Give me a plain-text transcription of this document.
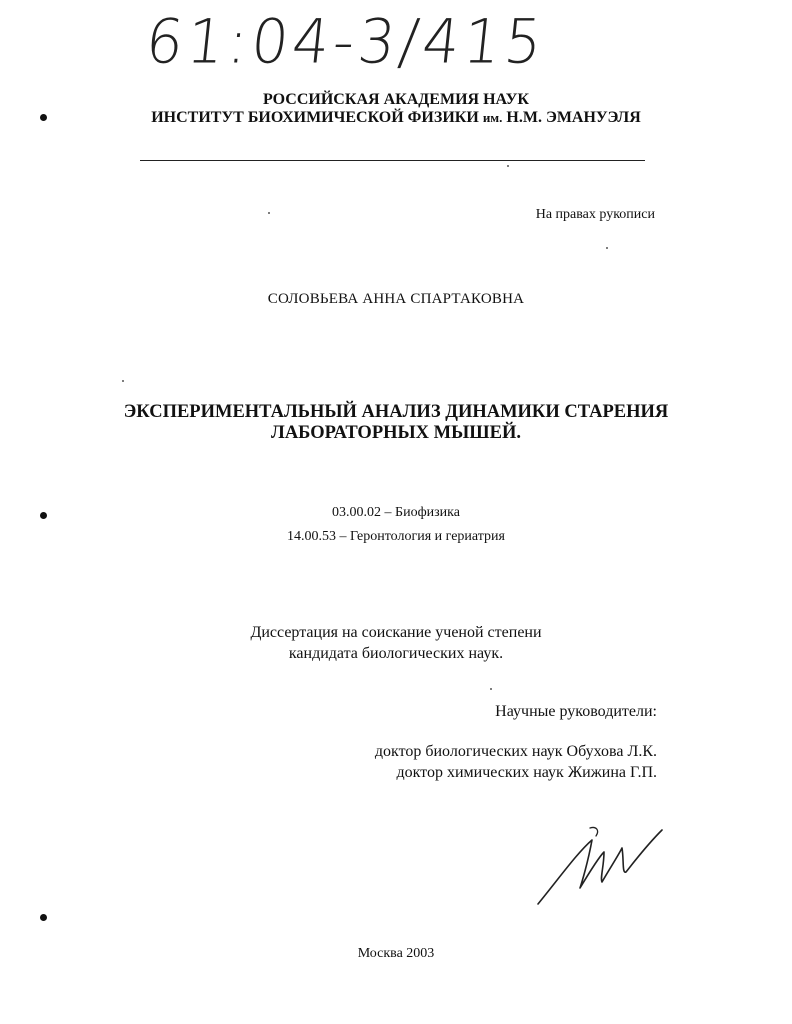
61:04-3/415
РОССИЙСКАЯ АКАДЕМИЯ НАУК
ИНСТИТУТ БИОХИМИЧЕСКОЙ ФИЗИКИ им. Н.М. ЭМАНУЭЛЯ
На правах рукописи
СОЛОВЬЕВА АННА СПАРТАКОВНА
ЭКСПЕРИМЕНТАЛЬНЫЙ АНАЛИЗ ДИНАМИКИ СТАРЕНИЯ
ЛАБОРАТОРНЫХ МЫШЕЙ.
03.00.02 – Биофизика
14.00.53 – Геронтология и гериатрия
Диссертация на соискание ученой степени
кандидата биологических наук.
Научные руководители:
доктор биологических наук Обухова Л.К.
доктор химических наук Жижина Г.П.
Москва 2003
